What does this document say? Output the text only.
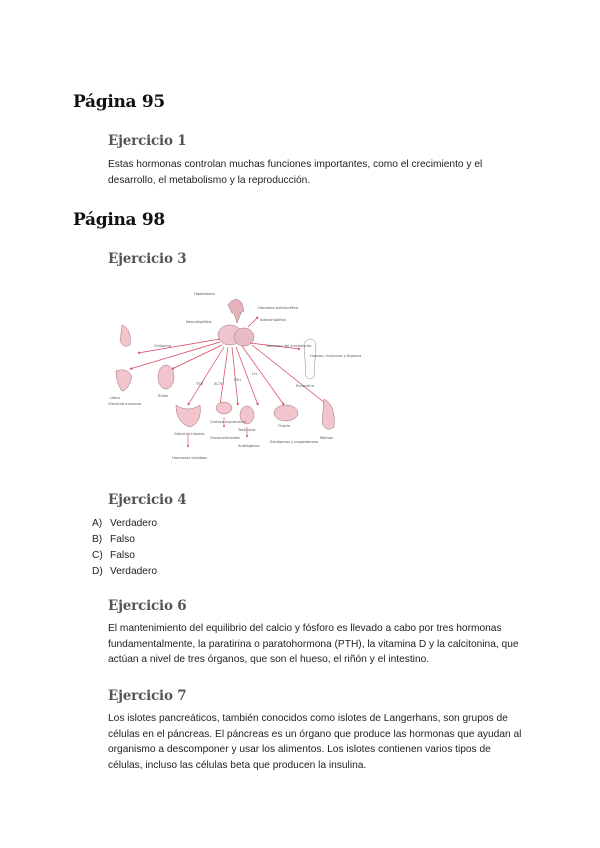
Página 95
Ejercicio 1
Estas hormonas controlan muchas funciones importantes, como el crecimiento y el
desarrollo, el metabolismo y la reproducción.
Página 98
Ejercicio 3
Hipotálamo
Neurohipófisis
Hormona antidiurética
Adenohipófisis
Oxitocina
Útero	Riñón
TSH	ACTH
FSH
LH
Prolactina
Hormona del crecimiento
Huesos, músculos y órganos
Glándula tiroides
Hormonas tiroideas
Corteza suprarrenal
Glucocorticoides
Testículos
Andrógenos
Ovario
Estrógenos y progesterona
Mamas
Glándula mamaria
Ejercicio 4
A) Verdadero
B) Falso
C) Falso
D) Verdadero
Ejercicio 6
El mantenimiento del equilibrio del calcio y fósforo es llevado a cabo por tres hormonas
fundamentalmente, la paratirina o paratohormona (PTH), la vitamina D y la calcitonina, que
actúan a nivel de tres órganos, que son el hueso, el riñón y el intestino.
Ejercicio 7
Los islotes pancreáticos, también conocidos como islotes de Langerhans, son grupos de
células en el páncreas. El páncreas es un órgano que produce las hormonas que ayudan al
organismo a descomponer y usar los alimentos. Los islotes contienen varios tipos de
células, incluso las células beta que producen la insulina.
